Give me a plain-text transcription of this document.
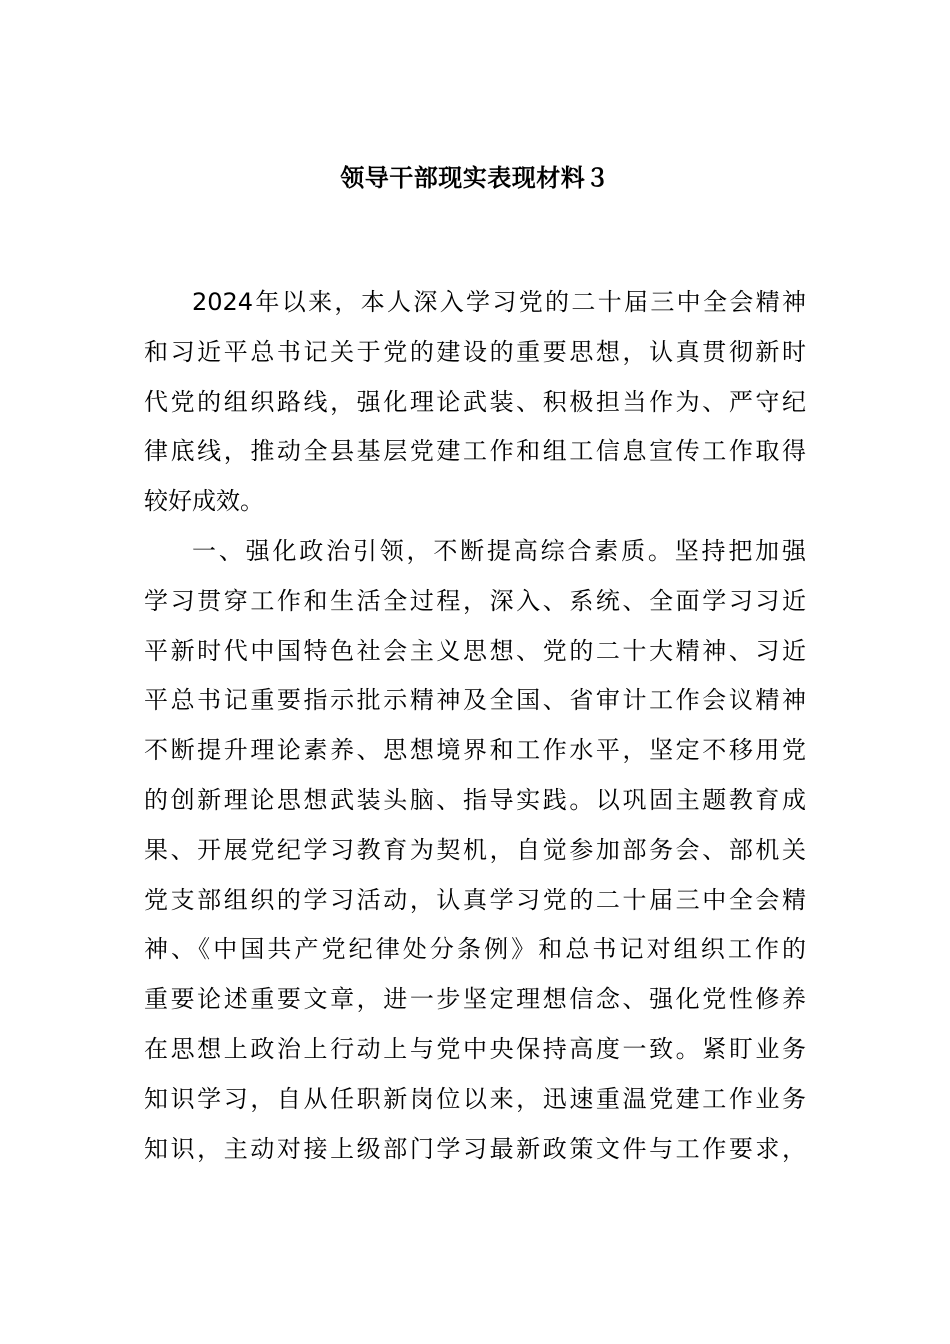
领导干部现实表现材料３
2024年以来，本人深入学习党的二十届三中全会精神
和习近平总书记关于党的建设的重要思想，认真贯彻新时
代党的组织路线，强化理论武装、积极担当作为、严守纪
律底线，推动全县基层党建工作和组工信息宣传工作取得
较好成效。
一、强化政治引领，不断提高综合素质。坚持把加强
学习贯穿工作和生活全过程，深入、系统、全面学习习近
平新时代中国特色社会主义思想、党的二十大精神、习近
平总书记重要指示批示精神及全国、省审计工作会议精神
不断提升理论素养、思想境界和工作水平，坚定不移用党
的创新理论思想武装头脑、指导实践。以巩固主题教育成
果、开展党纪学习教育为契机，自觉参加部务会、部机关
党支部组织的学习活动，认真学习党的二十届三中全会精
神、《中国共产党纪律处分条例》和总书记对组织工作的
重要论述重要文章，进一步坚定理想信念、强化党性修养
在思想上政治上行动上与党中央保持高度一致。紧盯业务
知识学习，自从任职新岗位以来，迅速重温党建工作业务
知识，主动对接上级部门学习最新政策文件与工作要求，
